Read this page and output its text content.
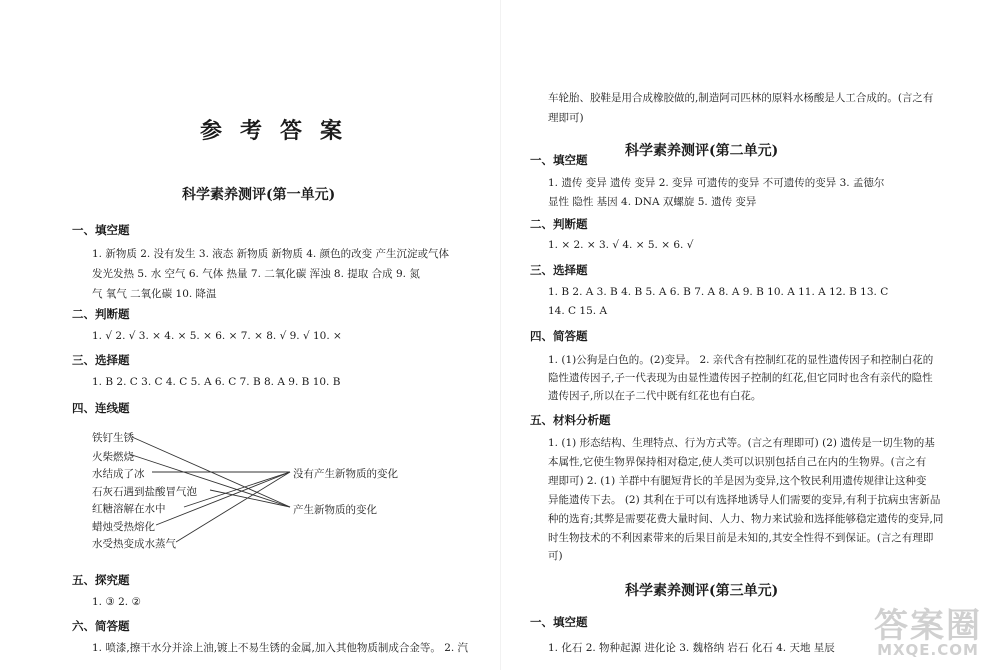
参考答案
科学素养测评(第一单元)
一、填空题
1. 新物质 2. 没有发生 3. 液态 新物质 新物质 4. 颜色的改变 产生沉淀或气体
发光发热 5. 水 空气 6. 气体 热量 7. 二氧化碳 浑浊 8. 提取 合成 9. 氮
气 氧气 二氧化碳 10. 降温
二、判断题
1. √ 2. √ 3. × 4. × 5. × 6. × 7. × 8. √ 9. √ 10. ×
三、选择题
1. B 2. C 3. C 4. C 5. A 6. C 7. B 8. A 9. B 10. B
四、连线题
铁钉生锈
火柴燃烧
水结成了冰
石灰石遇到盐酸冒气泡
红糖溶解在水中
蜡烛受热熔化
水受热变成水蒸气
没有产生新物质的变化
产生新物质的变化
五、探究题
1. ③ 2. ②
六、简答题
1. 喷漆,擦干水分并涂上油,镀上不易生锈的金属,加入其他物质制成合金等。 2. 汽
车轮胎、胶鞋是用合成橡胶做的,制造阿司匹林的原料水杨酸是人工合成的。(言之有
理即可)
科学素养测评(第二单元)
一、填空题
1. 遗传 变异 遗传 变异 2. 变异 可遗传的变异 不可遗传的变异 3. 孟德尔
显性 隐性 基因 4. DNA 双螺旋 5. 遗传 变异
二、判断题
1. × 2. × 3. √ 4. × 5. × 6. √
三、选择题
1. B 2. A 3. B 4. B 5. A 6. B 7. A 8. A 9. B 10. A 11. A 12. B 13. C
14. C 15. A
四、简答题
1. (1)公狗是白色的。(2)变异。 2. 亲代含有控制红花的显性遗传因子和控制白花的
隐性遗传因子,子一代表现为由显性遗传因子控制的红花,但它同时也含有亲代的隐性
遗传因子,所以在子二代中既有红花也有白花。
五、材料分析题
1. (1) 形态结构、生理特点、行为方式等。(言之有理即可) (2) 遗传是一切生物的基
本属性,它使生物界保持相对稳定,使人类可以识别包括自己在内的生物界。(言之有
理即可) 2. (1) 羊群中有腿短背长的羊是因为变异,这个牧民利用遗传规律让这种变
异能遗传下去。 (2) 其利在于可以有选择地诱导人们需要的变异,有利于抗病虫害新品
种的选育;其弊是需要花费大量时间、人力、物力来试验和选择能够稳定遗传的变异,同
时生物技术的不利因素带来的后果目前是未知的,其安全性得不到保证。(言之有理即
可)
科学素养测评(第三单元)
一、填空题
1. 化石 2. 物种起源 进化论 3. 魏格纳 岩石 化石 4. 天地 星辰
答案圈
MXQE.COM
